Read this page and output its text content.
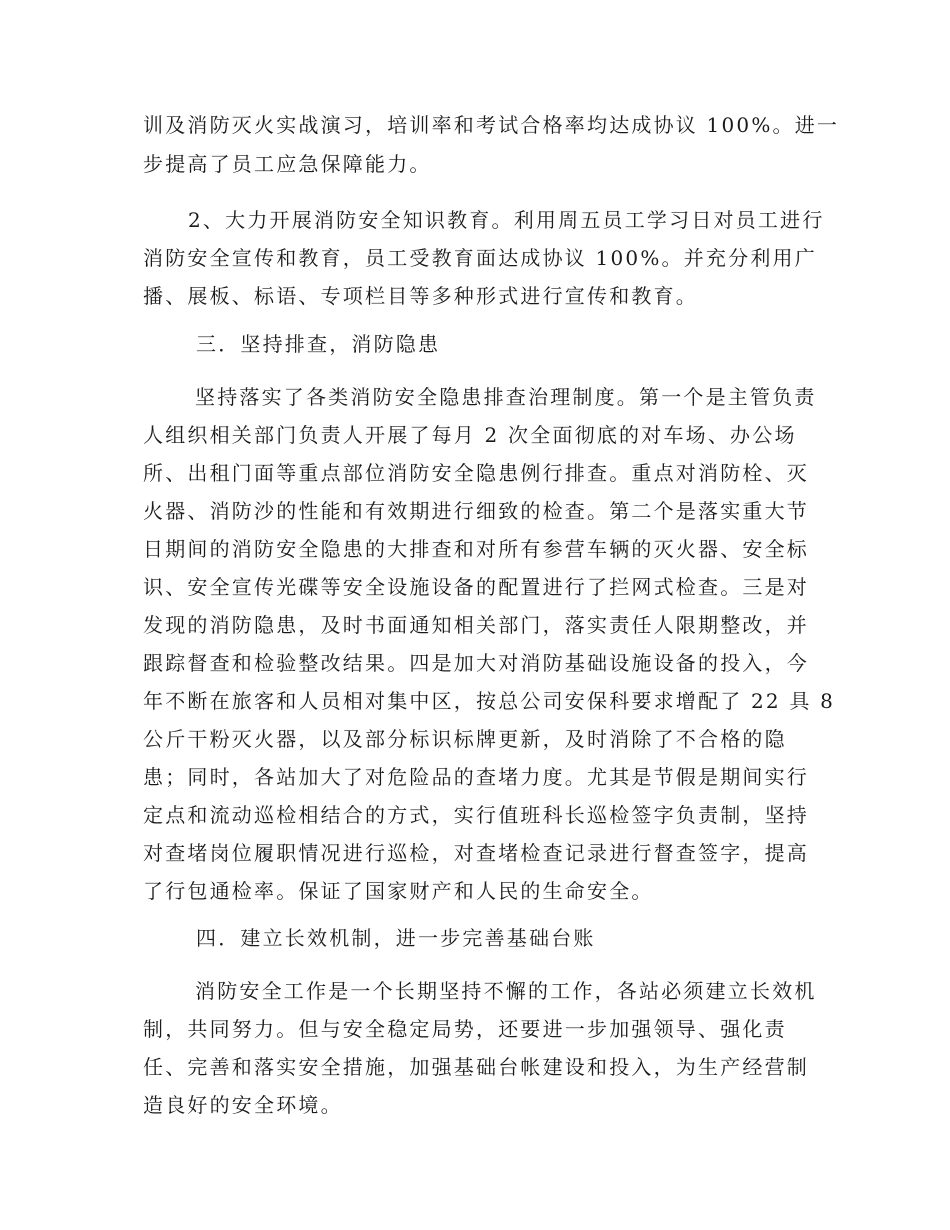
训及消防灭火实战演习，培训率和考试合格率均达成协议 100%。进一
步提高了员工应急保障能力。
2、大力开展消防安全知识教育。利用周五员工学习日对员工进行
消防安全宣传和教育，员工受教育面达成协议 100%。并充分利用广
播、展板、标语、专项栏目等多种形式进行宣传和教育。
三．坚持排查，消防隐患
坚持落实了各类消防安全隐患排查治理制度。第一个是主管负责
人组织相关部门负责人开展了每月 2 次全面彻底的对车场、办公场
所、出租门面等重点部位消防安全隐患例行排查。重点对消防栓、灭
火器、消防沙的性能和有效期进行细致的检查。第二个是落实重大节
日期间的消防安全隐患的大排查和对所有参营车辆的灭火器、安全标
识、安全宣传光碟等安全设施设备的配置进行了拦网式检查。三是对
发现的消防隐患，及时书面通知相关部门，落实责任人限期整改，并
跟踪督查和检验整改结果。四是加大对消防基础设施设备的投入，今
年不断在旅客和人员相对集中区，按总公司安保科要求增配了 22 具 8
公斤干粉灭火器，以及部分标识标牌更新，及时消除了不合格的隐
患；同时，各站加大了对危险品的查堵力度。尤其是节假是期间实行
定点和流动巡检相结合的方式，实行值班科长巡检签字负责制，坚持
对查堵岗位履职情况进行巡检，对查堵检查记录进行督查签字，提高
了行包通检率。保证了国家财产和人民的生命安全。
四．建立长效机制，进一步完善基础台账
消防安全工作是一个长期坚持不懈的工作，各站必须建立长效机
制，共同努力。但与安全稳定局势，还要进一步加强领导、强化责
任、完善和落实安全措施，加强基础台帐建设和投入，为生产经营制
造良好的安全环境。
